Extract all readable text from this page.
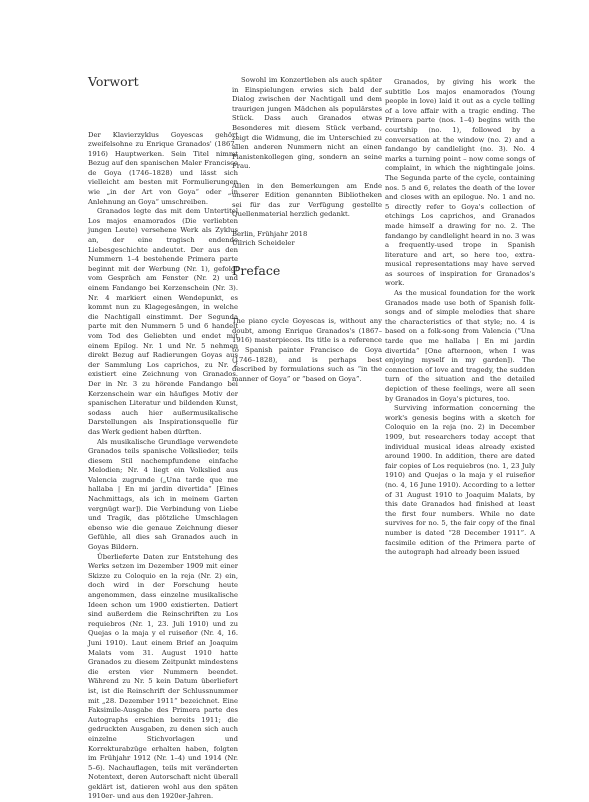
Vorwort

Der Klavierzyklus Goyescas gehört zweifelsohne zu Enrique Granados' (1867–1916) Hauptwerken. Sein Titel nimmt Bezug auf den spanischen Maler Francisco de Goya (1746–1828) und lässt sich vielleicht am besten mit Formulierungen wie „in der Art von Goya“ oder „in Anlehnung an Goya“ umschreiben.

Granados legte das mit dem Untertitel Los majos enamorados (Die verliebten jungen Leute) versehene Werk als Zyklus an, der eine tragisch endende Liebesgeschichte andeutet. Der aus den Nummern 1–4 bestehende Primera parte beginnt mit der Werbung (Nr. 1), gefolgt vom Gespräch am Fenster (Nr. 2) und einem Fandango bei Kerzenschein (Nr. 3). Nr. 4 markiert einen Wendepunkt, es kommt nun zu Klagegesängen, in welche die Nachtigall einstimmt. Der Segunda parte mit den Nummern 5 und 6 handelt vom Tod des Geliebten und endet mit einem Epilog. Nr. 1 und Nr. 5 nehmen direkt Bezug auf Radierungen Goyas aus der Sammlung Los caprichos, zu Nr. 2 existiert eine Zeichnung von Granados. Der in Nr. 3 zu hörende Fandango bei Kerzenschein war ein häufiges Motiv der spanischen Literatur und bildenden Kunst, sodass auch hier außermusikalische Darstellungen als Inspirationsquelle für das Werk gedient haben dürften.

Als musikalische Grundlage verwendete Granados teils spanische Volkslieder, teils diesem Stil nachempfundene einfache Melodien; Nr. 4 liegt ein Volkslied aus Valencia zugrunde („Una tarde que me hallaba | En mi jardin divertida“ [Eines Nachmittags, als ich in meinem Garten vergnügt war]). Die Verbindung von Liebe und Tragik, das plötzliche Umschlagen ebenso wie die genaue Zeichnung dieser Gefühle, all dies sah Granados auch in Goyas Bildern.

Überlieferte Daten zur Entstehung des Werks setzen im Dezember 1909 mit einer Skizze zu Coloquio en la reja (Nr. 2) ein, doch wird in der Forschung heute angenommen, dass einzelne musikalische Ideen schon um 1900 existierten. Datiert sind außerdem die Reinschriften zu Los requiebros (Nr. 1, 23. Juli 1910) und zu Quejas o la maja y el ruiseñor (Nr. 4, 16. Juni 1910). Laut einem Brief an Joaquim Malats vom 31. August 1910 hatte Granados zu diesem Zeitpunkt mindestens die ersten vier Nummern beendet. Während zu Nr. 5 kein Datum überliefert ist, ist die Reinschrift der Schlussnummer mit „28. Dezember 1911“ bezeichnet. Eine Faksimile-Ausgabe des Primera parte des Autographs erschien bereits 1911; die gedruckten Ausgaben, zu denen sich auch einzelne Stichvorlagen und Korrekturabzüge erhalten haben, folgten im Frühjahr 1912 (Nr. 1–4) und 1914 (Nr. 5–6). Nachauflagen, teils mit veränderten Notentext, deren Autorschaft nicht überall geklärt ist, datieren wohl aus den späten 1910er- und aus den 1920er-Jahren.

Sowohl im Konzertleben als auch später in Einspielungen erwies sich bald der Dialog zwischen der Nachtigall und dem traurigen jungen Mädchen als populärstes Stück. Dass auch Granados etwas Besonderes mit diesem Stück verband, zeigt die Widmung, die im Unterschied zu allen anderen Nummern nicht an einen Pianistenkollegen ging, sondern an seine Frau.

Allen in den Bemerkungen am Ende unserer Edition genannten Bibliotheken sei für das zur Verfügung gestellte Quellenmaterial herzlich gedankt.

Berlin, Frühjahr 2018

Ullrich Scheideler

Preface

The piano cycle Goyescas is, without any doubt, among Enrique Granados's (1867–1916) masterpieces. Its title is a reference to Spanish painter Francisco de Goya (1746–1828), and is perhaps best described by formulations such as “in the manner of Goya” or “based on Goya”.

Granados, by giving his work the subtitle Los majos enamorados (Young people in love) laid it out as a cycle telling of a love affair with a tragic ending. The Primera parte (nos. 1–4) begins with the courtship (no. 1), followed by a conversation at the window (no. 2) and a fandango by candlelight (no. 3). No. 4 marks a turning point – now come songs of complaint, in which the nightingale joins. The Segunda parte of the cycle, containing nos. 5 and 6, relates the death of the lover and closes with an epilogue. No. 1 and no. 5 directly refer to Goya's collection of etchings Los caprichos, and Granados made himself a drawing for no. 2. The fandango by candlelight heard in no. 3 was a frequently-used trope in Spanish literature and art, so here too, extra-musical representations may have served as sources of inspiration for Granados's work.

As the musical foundation for the work Granados made use both of Spanish folk-songs and of simple melodies that share the characteristics of that style; no. 4 is based on a folk-song from Valencia (“Una tarde que me hallaba | En mi jardin divertida” [One afternoon, when I was enjoying myself in my garden]). The connection of love and tragedy, the sudden turn of the situation and the detailed depiction of these feelings, were all seen by Granados in Goya's pictures, too.

Surviving information concerning the work's genesis begins with a sketch for Coloquio en la reja (no. 2) in December 1909, but researchers today accept that individual musical ideas already existed around 1900. In addition, there are dated fair copies of Los requiebros (no. 1, 23 July 1910) and Quejas o la maja y el ruiseñor (no. 4, 16 June 1910). According to a letter of 31 August 1910 to Joaquim Malats, by this date Granados had finished at least the first four numbers. While no date survives for no. 5, the fair copy of the final number is dated “28 December 1911”. A facsimile edition of the Primera parte of the autograph had already been issued
